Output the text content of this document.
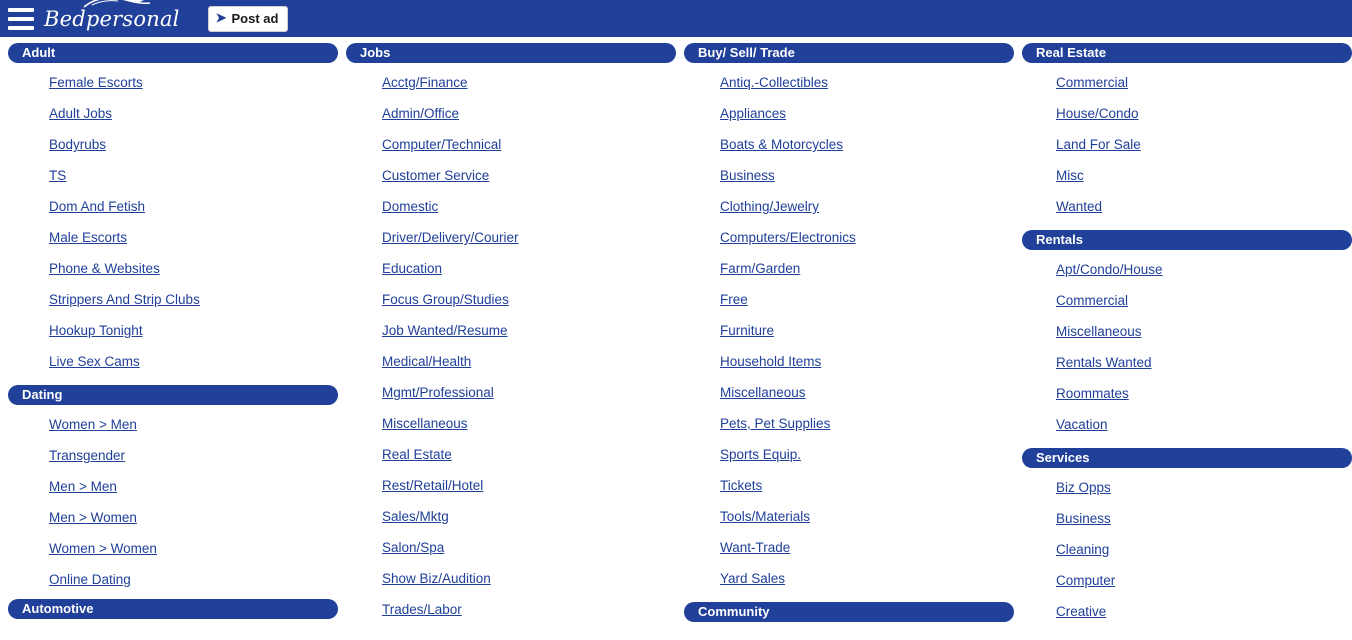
Bedpersonal	➤ Post ad
Adult
Female Escorts
Adult Jobs
Bodyrubs
TS
Dom And Fetish
Male Escorts
Phone & Websites
Strippers And Strip Clubs
Hookup Tonight
Live Sex Cams
Dating
Women > Men
Transgender
Men > Men
Men > Women
Women > Women
Online Dating
Automotive
Jobs
Acctg/Finance
Admin/Office
Computer/Technical
Customer Service
Domestic
Driver/Delivery/Courier
Education
Focus Group/Studies
Job Wanted/Resume
Medical/Health
Mgmt/Professional
Miscellaneous
Real Estate
Rest/Retail/Hotel
Sales/Mktg
Salon/Spa
Show Biz/Audition
Trades/Labor
Buy/ Sell/ Trade
Antiq.-Collectibles
Appliances
Boats & Motorcycles
Business
Clothing/Jewelry
Computers/Electronics
Farm/Garden
Free
Furniture
Household Items
Miscellaneous
Pets, Pet Supplies
Sports Equip.
Tickets
Tools/Materials
Want-Trade
Yard Sales
Community
Real Estate
Commercial
House/Condo
Land For Sale
Misc
Wanted
Rentals
Apt/Condo/House
Commercial
Miscellaneous
Rentals Wanted
Roommates
Vacation
Services
Biz Opps
Business
Cleaning
Computer
Creative
